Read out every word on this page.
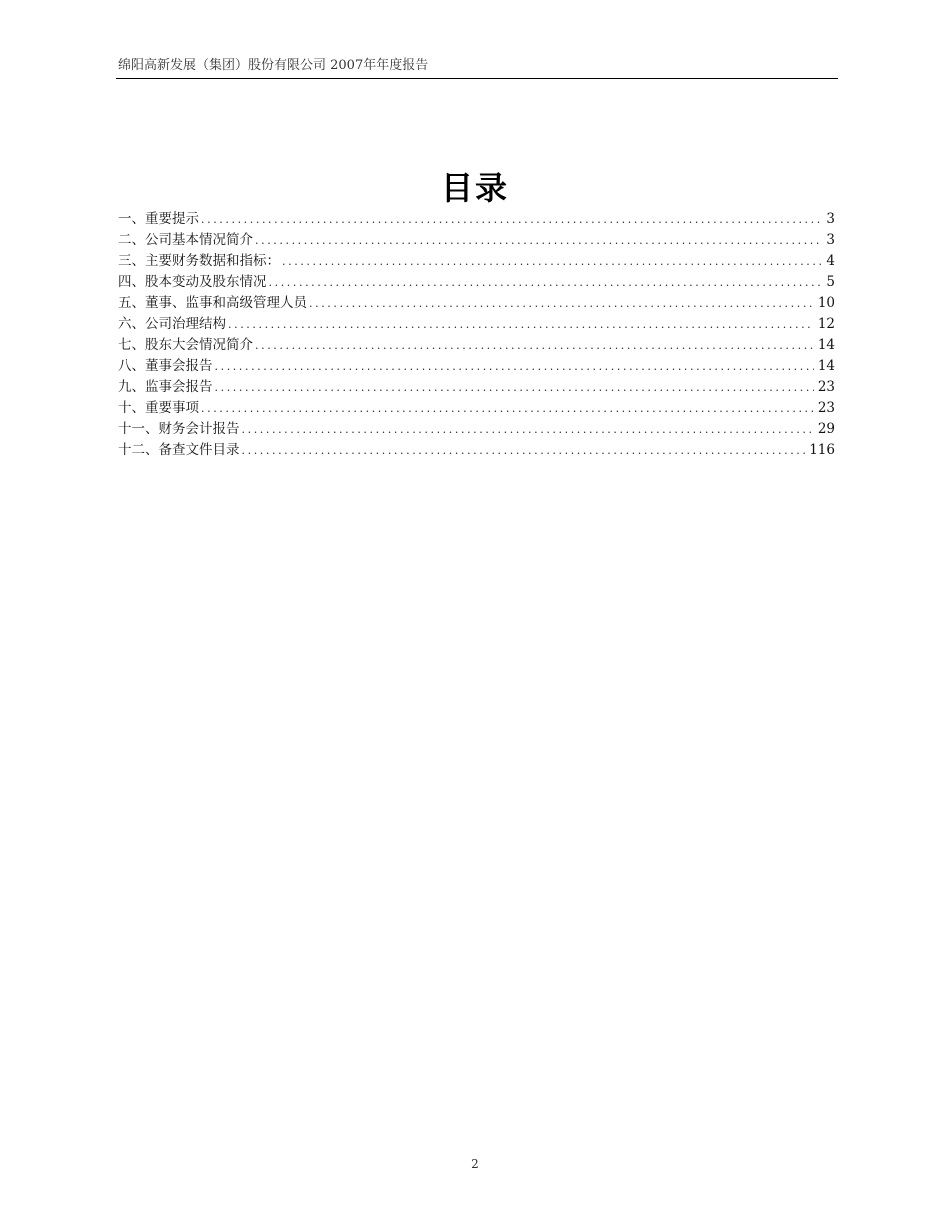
绵阳高新发展（集团）股份有限公司 2007年年度报告
目录
一、重要提示 .....	3
二、公司基本情况简介 .....	3
三、主要财务数据和指标： .....	4
四、股本变动及股东情况 .....	5
五、董事、监事和高级管理人员 .....	10
六、公司治理结构 .....	12
七、股东大会情况简介 .....	14
八、董事会报告 .....	14
九、监事会报告 .....	23
十、重要事项 .....	23
十一、财务会计报告 .....	29
十二、备查文件目录 .....	116
2
